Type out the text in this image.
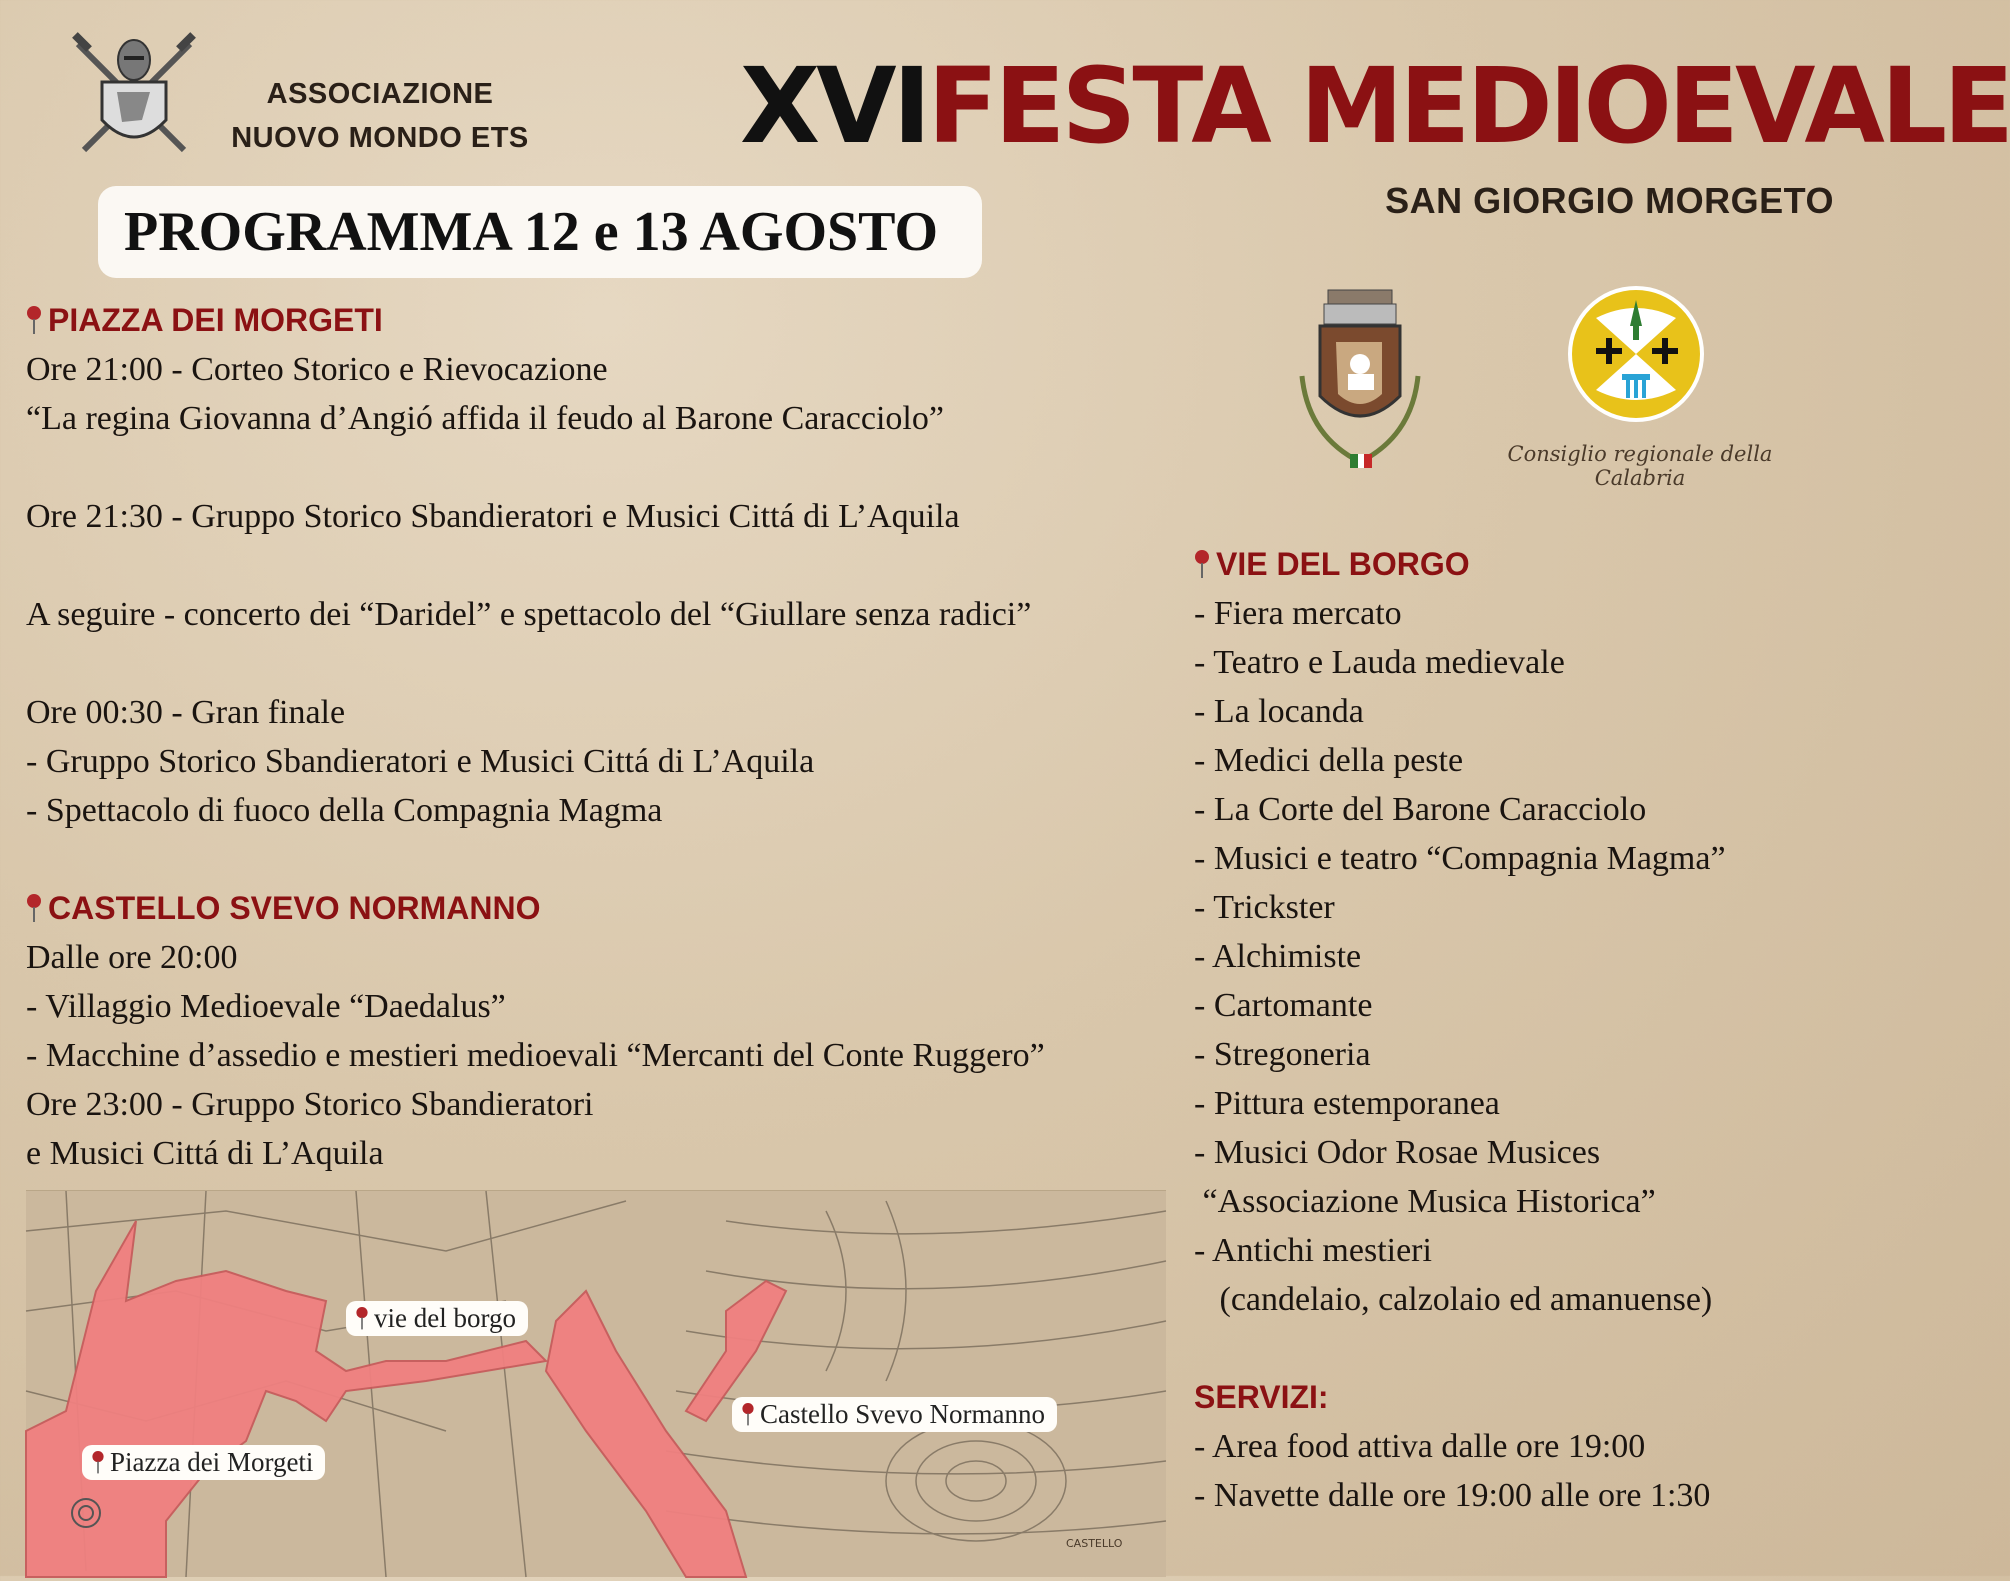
ASSOCIAZIONE
NUOVO MONDO ETS XVIFESTA MEDIOEVALE
SAN GIORGIO MORGETO
PROGRAMMA 12 e 13 AGOSTO
Consiglio regionale della Calabria
PIAZZA DEI MORGETI
Ore 21:00 - Corteo Storico e Rievocazione
“La regina Giovanna d’Angió affida il feudo al Barone Caracciolo”
Ore 21:30 - Gruppo Storico Sbandieratori e Musici Cittá di L’Aquila
A seguire - concerto dei “Daridel” e spettacolo del “Giullare senza radici”
Ore 00:30 - Gran finale
- Gruppo Storico Sbandieratori e Musici Cittá di L’Aquila
- Spettacolo di fuoco della Compagnia Magma
CASTELLO SVEVO NORMANNO
Dalle ore 20:00
- Villaggio Medioevale “Daedalus”
- Macchine d’assedio e mestieri medioevali “Mercanti del Conte Ruggero”
Ore 23:00 - Gruppo Storico Sbandieratori
e Musici Cittá di L’Aquila
VIE DEL BORGO
- Fiera mercato
- Teatro e Lauda medievale
- La locanda
- Medici della peste
- La Corte del Barone Caracciolo
- Musici e teatro “Compagnia Magma”
- Trickster
- Alchimiste
- Cartomante
- Stregoneria
- Pittura estemporanea
- Musici Odor Rosae Musices
“Associazione Musica Historica”
- Antichi mestieri
(candelaio, calzolaio ed amanuense)
SERVIZI:
- Area food attiva dalle ore 19:00
- Navette dalle ore 19:00 alle ore 1:30
CASTELLO
vie del borgo
Castello Svevo Normanno
Piazza dei Morgeti
